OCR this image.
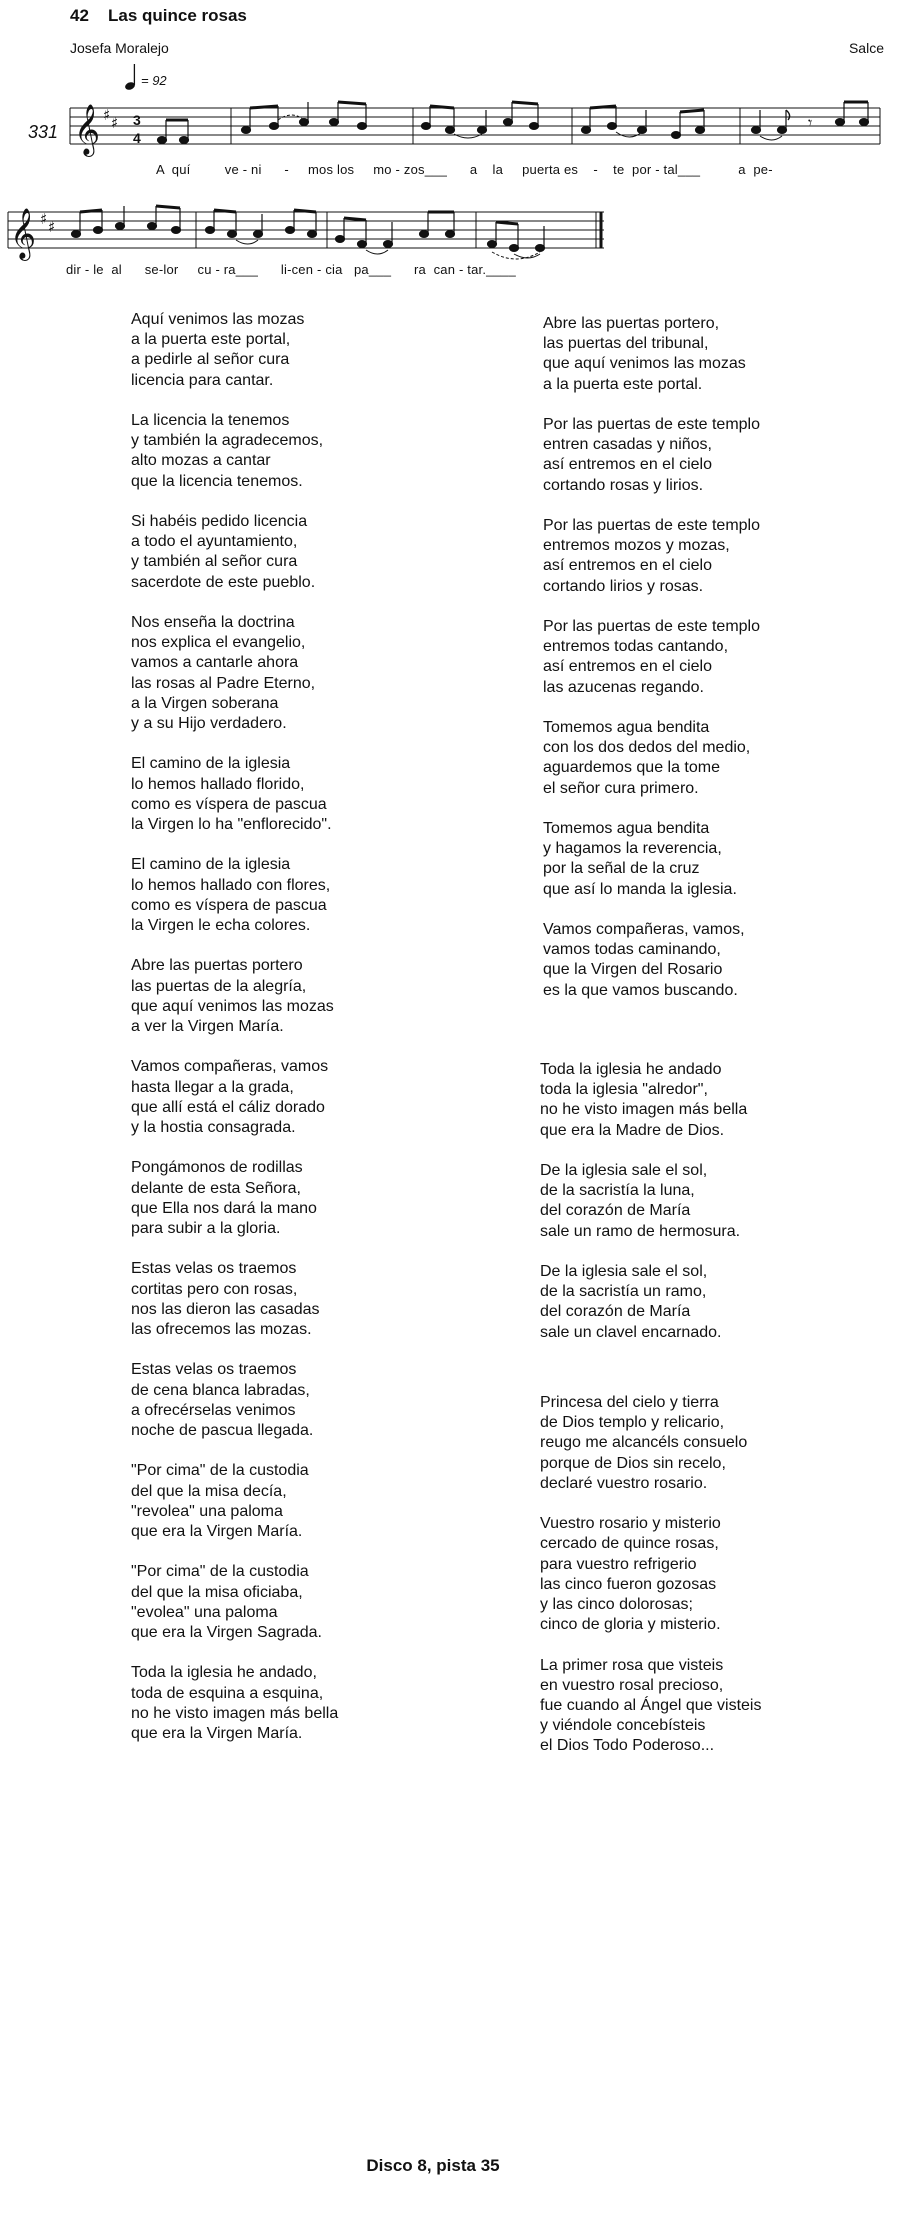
42 Las quince rosas
Josefa Moralejo	Salce
= 92
331 𝄞 ♯ ♯ 3
4
𝄾
A  quí         ve - ni      -     mos los     mo - zos___      a    la     puerta es    -    te  por - tal___          a  pe-
𝄞 ♯ ♯
dir - le  al      se-lor     cu - ra___      li-cen - cia   pa___      ra  can - tar.____
Aquí venimos las mozas
a la puerta este portal,
a pedirle al señor cura
licencia para cantar.
La licencia la tenemos
y también la agradecemos,
alto mozas a cantar
que la licencia tenemos.
Si habéis pedido licencia
a todo el ayuntamiento,
y también al señor cura
sacerdote de este pueblo.
Nos enseña la doctrina
nos explica el evangelio,
vamos a cantarle ahora
las rosas al Padre Eterno,
a la Virgen soberana
y a su Hijo verdadero.
El camino de la iglesia
lo hemos hallado florido,
como es víspera de pascua
la Virgen lo ha "enflorecido".
El camino de la iglesia
lo hemos hallado con flores,
como es víspera de pascua
la Virgen le echa colores.
Abre las puertas portero
las puertas de la alegría,
que aquí venimos las mozas
a ver la Virgen María.
Vamos compañeras, vamos
hasta llegar a la grada,
que allí está el cáliz dorado
y la hostia consagrada.
Pongámonos de rodillas
delante de esta Señora,
que Ella nos dará la mano
para subir a la gloria.
Estas velas os traemos
cortitas pero con rosas,
nos las dieron las casadas
las ofrecemos las mozas.
Estas velas os traemos
de cena blanca labradas,
a ofrecérselas venimos
noche de pascua llegada.
"Por cima" de la custodia
del que la misa decía,
"revolea" una paloma
que era la Virgen María.
"Por cima" de la custodia
del que la misa oficiaba,
"evolea" una paloma
que era la Virgen Sagrada.
Toda la iglesia he andado,
toda de esquina a esquina,
no he visto imagen más bella
que era la Virgen María.
Abre las puertas portero,
las puertas del tribunal,
que aquí venimos las mozas
a la puerta este portal.
Por las puertas de este templo
entren casadas y niños,
así entremos en el cielo
cortando rosas y lirios.
Por las puertas de este templo
entremos mozos y mozas,
así entremos en el cielo
cortando lirios y rosas.
Por las puertas de este templo
entremos todas cantando,
así entremos en el cielo
las azucenas regando.
Tomemos agua bendita
con los dos dedos del medio,
aguardemos que la tome
el señor cura primero.
Tomemos agua bendita
y hagamos la reverencia,
por la señal de la cruz
que así lo manda la iglesia.
Vamos compañeras, vamos,
vamos todas caminando,
que la Virgen del Rosario
es la que vamos buscando.
Toda la iglesia he andado
toda la iglesia "alredor",
no he visto imagen más bella
que era la Madre de Dios.
De la iglesia sale el sol,
de la sacristía la luna,
del corazón de María
sale un ramo de hermosura.
De la iglesia sale el sol,
de la sacristía un ramo,
del corazón de María
sale un clavel encarnado.
Princesa del cielo y tierra
de Dios templo y relicario,
reugo me alcancéls consuelo
porque de Dios sin recelo,
declaré vuestro rosario.
Vuestro rosario y misterio
cercado de quince rosas,
para vuestro refrigerio
las cinco fueron gozosas
y las cinco dolorosas;
cinco de gloria y misterio.
La primer rosa que visteis
en vuestro rosal precioso,
fue cuando al Ángel que visteis
y viéndole concebísteis
el Dios Todo Poderoso...
Disco 8, pista 35
